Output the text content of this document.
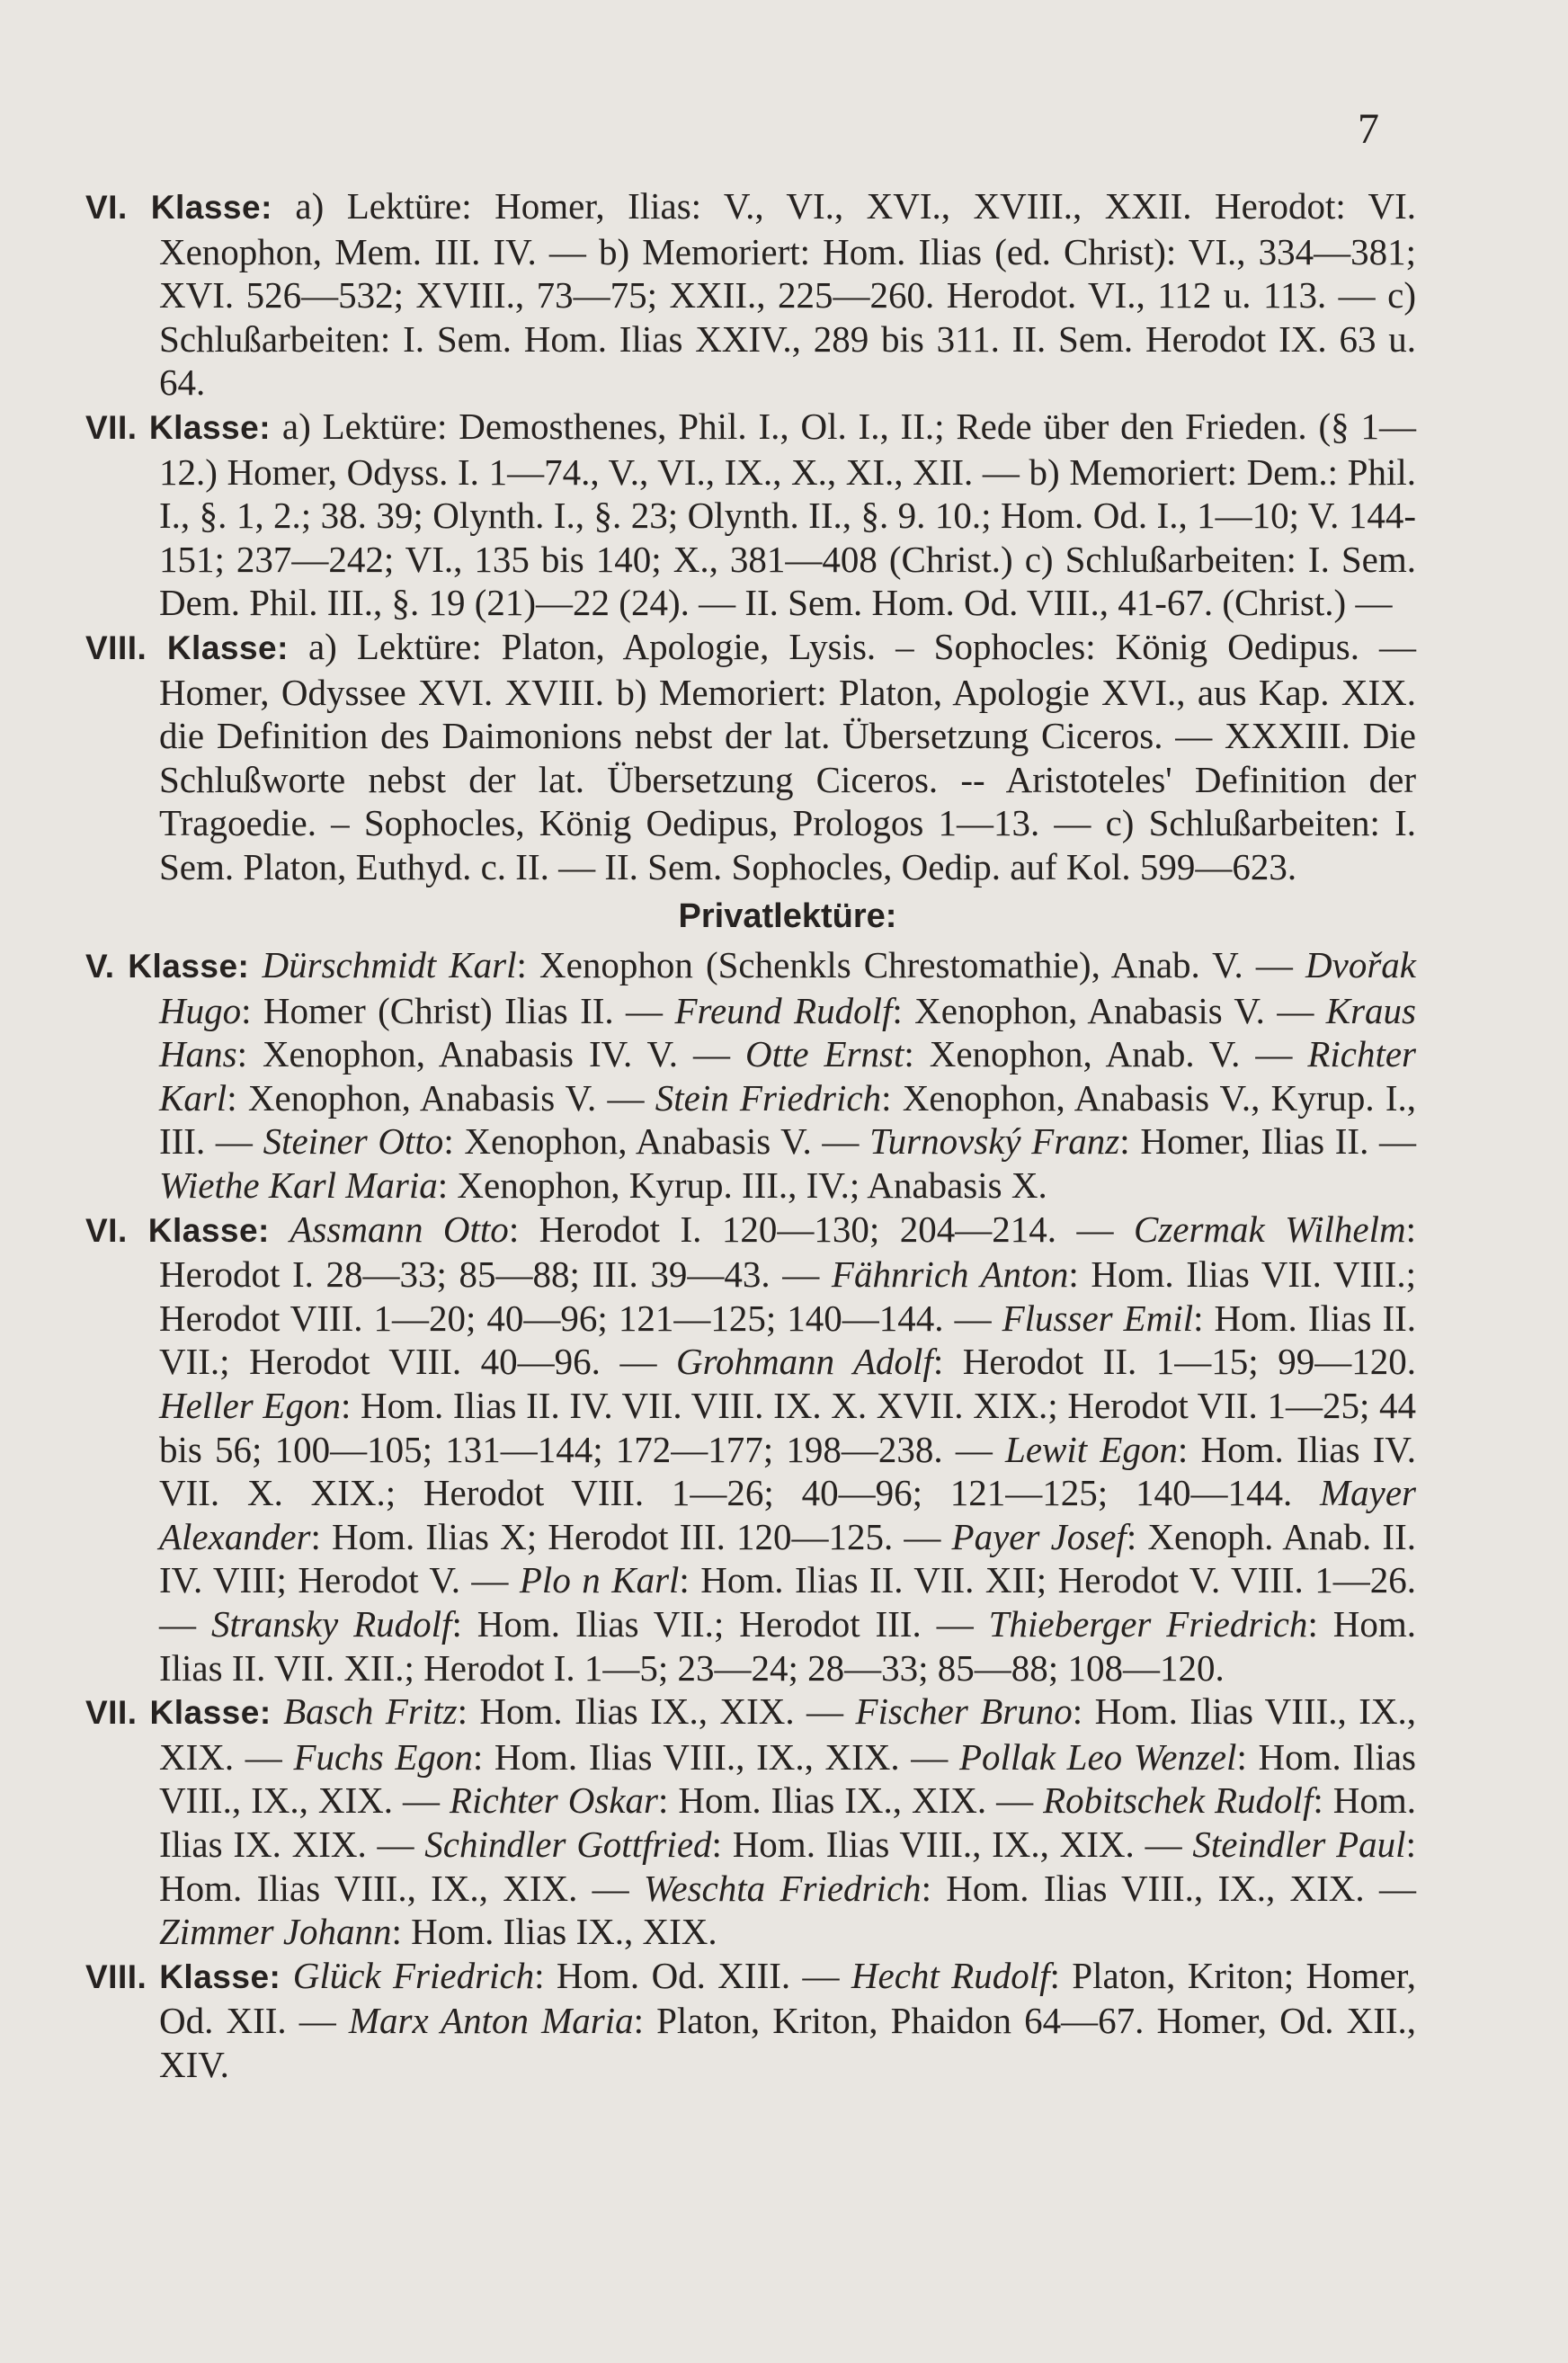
7

VI. Klasse: a) Lektüre: Homer, Ilias: V., VI., XVI., XVIII., XXII. Herodot: VI. Xenophon, Mem. III. IV. — b) Memoriert: Hom. Ilias (ed. Christ): VI., 334—381; XVI. 526—532; XVIII., 73—75; XXII., 225—260. Herodot. VI., 112 u. 113. — c) Schlußarbeiten: I. Sem. Hom. Ilias XXIV., 289 bis 311. II. Sem. Herodot IX. 63 u. 64.

VII. Klasse: a) Lektüre: Demosthenes, Phil. I., Ol. I., II.; Rede über den Frieden. (§ 1—12.) Homer, Odyss. I. 1—74., V., VI., IX., X., XI., XII. — b) Memoriert: Dem.: Phil. I., §. 1, 2.; 38. 39; Olynth. I., §. 23; Olynth. II., §. 9. 10.; Hom. Od. I., 1—10; V. 144-151; 237—242; VI., 135 bis 140; X., 381—408 (Christ.) c) Schlußarbeiten: I. Sem. Dem. Phil. III., §. 19 (21)—22 (24). — II. Sem. Hom. Od. VIII., 41-67. (Christ.) —

VIII. Klasse: a) Lektüre: Platon, Apologie, Lysis. – Sophocles: König Oedipus. — Homer, Odyssee XVI. XVIII. b) Memoriert: Platon, Apologie XVI., aus Kap. XIX. die Definition des Daimonions nebst der lat. Übersetzung Ciceros. — XXXIII. Die Schlußworte nebst der lat. Übersetzung Ciceros. -- Aristoteles' Definition der Tragoedie. – Sophocles, König Oedipus, Prologos 1—13. — c) Schlußarbeiten: I. Sem. Platon, Euthyd. c. II. — II. Sem. Sophocles, Oedip. auf Kol. 599—623.

Privatlektüre:

V. Klasse: Dürschmidt Karl: Xenophon (Schenkls Chrestomathie), Anab. V. — Dvořak Hugo: Homer (Christ) Ilias II. — Freund Rudolf: Xenophon, Anabasis V. — Kraus Hans: Xenophon, Anabasis IV. V. — Otte Ernst: Xenophon, Anab. V. — Richter Karl: Xenophon, Anabasis V. — Stein Friedrich: Xenophon, Anabasis V., Kyrup. I., III. — Steiner Otto: Xenophon, Anabasis V. — Turnovský Franz: Homer, Ilias II. — Wiethe Karl Maria: Xenophon, Kyrup. III., IV.; Anabasis X.

VI. Klasse: Assmann Otto: Herodot I. 120—130; 204—214. — Czermak Wilhelm: Herodot I. 28—33; 85—88; III. 39—43. — Fähnrich Anton: Hom. Ilias VII. VIII.; Herodot VIII. 1—20; 40—96; 121—125; 140—144. — Flusser Emil: Hom. Ilias II. VII.; Herodot VIII. 40—96. — Grohmann Adolf: Herodot II. 1—15; 99—120. Heller Egon: Hom. Ilias II. IV. VII. VIII. IX. X. XVII. XIX.; Herodot VII. 1—25; 44 bis 56; 100—105; 131—144; 172—177; 198—238. — Lewit Egon: Hom. Ilias IV. VII. X. XIX.; Herodot VIII. 1—26; 40—96; 121—125; 140—144. Mayer Alexander: Hom. Ilias X; Herodot III. 120—125. — Payer Josef: Xenoph. Anab. II. IV. VIII; Herodot V. — Plo n Karl: Hom. Ilias II. VII. XII; Herodot V. VIII. 1—26. — Stransky Rudolf: Hom. Ilias VII.; Herodot III. — Thieberger Friedrich: Hom. Ilias II. VII. XII.; Herodot I. 1—5; 23—24; 28—33; 85—88; 108—120.

VII. Klasse: Basch Fritz: Hom. Ilias IX., XIX. — Fischer Bruno: Hom. Ilias VIII., IX., XIX. — Fuchs Egon: Hom. Ilias VIII., IX., XIX. — Pollak Leo Wenzel: Hom. Ilias VIII., IX., XIX. — Richter Oskar: Hom. Ilias IX., XIX. — Robitschek Rudolf: Hom. Ilias IX. XIX. — Schindler Gottfried: Hom. Ilias VIII., IX., XIX. — Steindler Paul: Hom. Ilias VIII., IX., XIX. — Weschta Friedrich: Hom. Ilias VIII., IX., XIX. — Zimmer Johann: Hom. Ilias IX., XIX.

VIII. Klasse: Glück Friedrich: Hom. Od. XIII. — Hecht Rudolf: Platon, Kriton; Homer, Od. XII. — Marx Anton Maria: Platon, Kriton, Phaidon 64—67. Homer, Od. XII., XIV.
